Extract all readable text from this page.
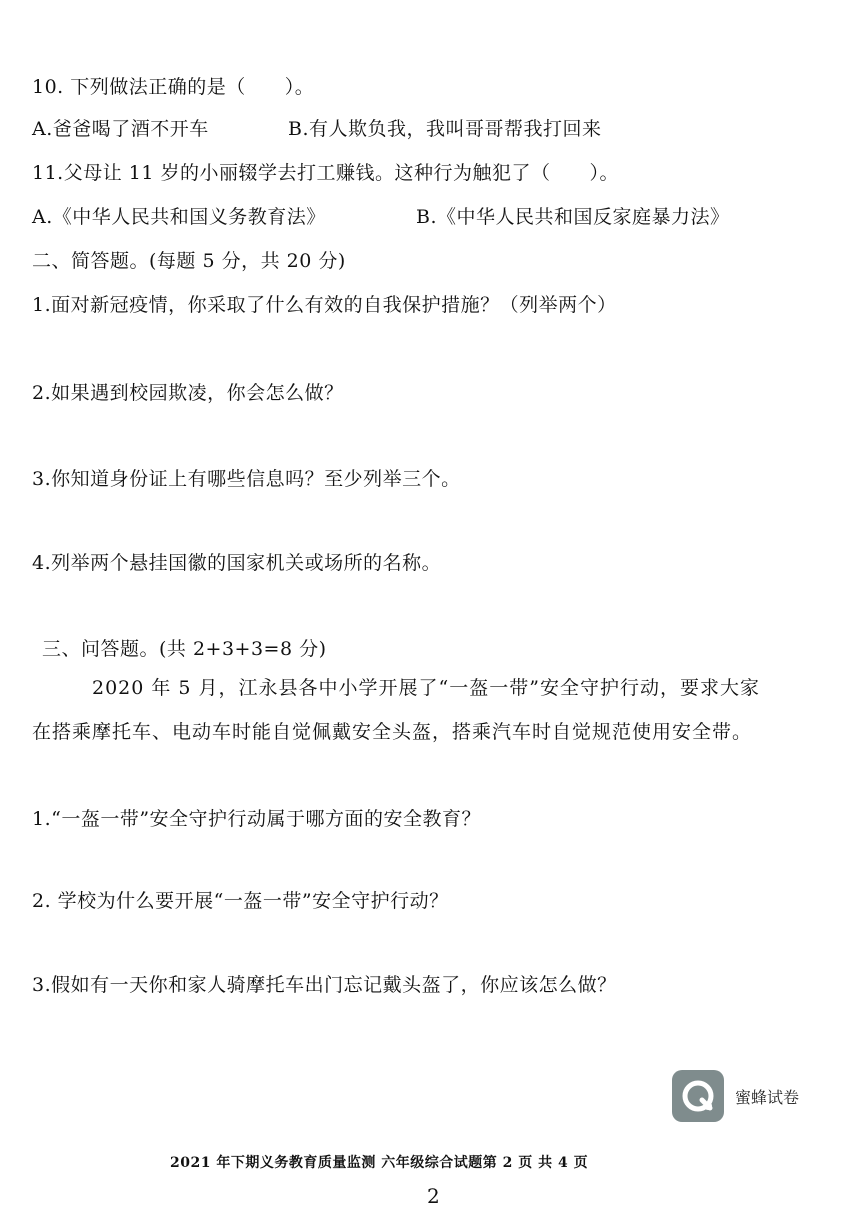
10. 下列做法正确的是（　　）。
A.爸爸喝了酒不开车	B.有人欺负我，我叫哥哥帮我打回来
11.父母让 11 岁的小丽辍学去打工赚钱。这种行为触犯了（　　）。
A.《中华人民共和国义务教育法》	B.《中华人民共和国反家庭暴力法》
二、简答题。(每题 5 分，共 20 分)
1.面对新冠疫情，你采取了什么有效的自我保护措施？（列举两个）
2.如果遇到校园欺凌，你会怎么做？
3.你知道身份证上有哪些信息吗？至少列举三个。
4.列举两个悬挂国徽的国家机关或场所的名称。
三、问答题。(共 2+3+3=8 分)
2020 年 5 月，江永县各中小学开展了“一盔一带”安全守护行动，要求大家在搭乘摩托车、电动车时能自觉佩戴安全头盔，搭乘汽车时自觉规范使用安全带。
1.“一盔一带”安全守护行动属于哪方面的安全教育？
2. 学校为什么要开展“一盔一带”安全守护行动？
3.假如有一天你和家人骑摩托车出门忘记戴头盔了，你应该怎么做？
蜜蜂试卷
2021 年下期义务教育质量监测 六年级综合试题第 2 页 共 4 页
2
